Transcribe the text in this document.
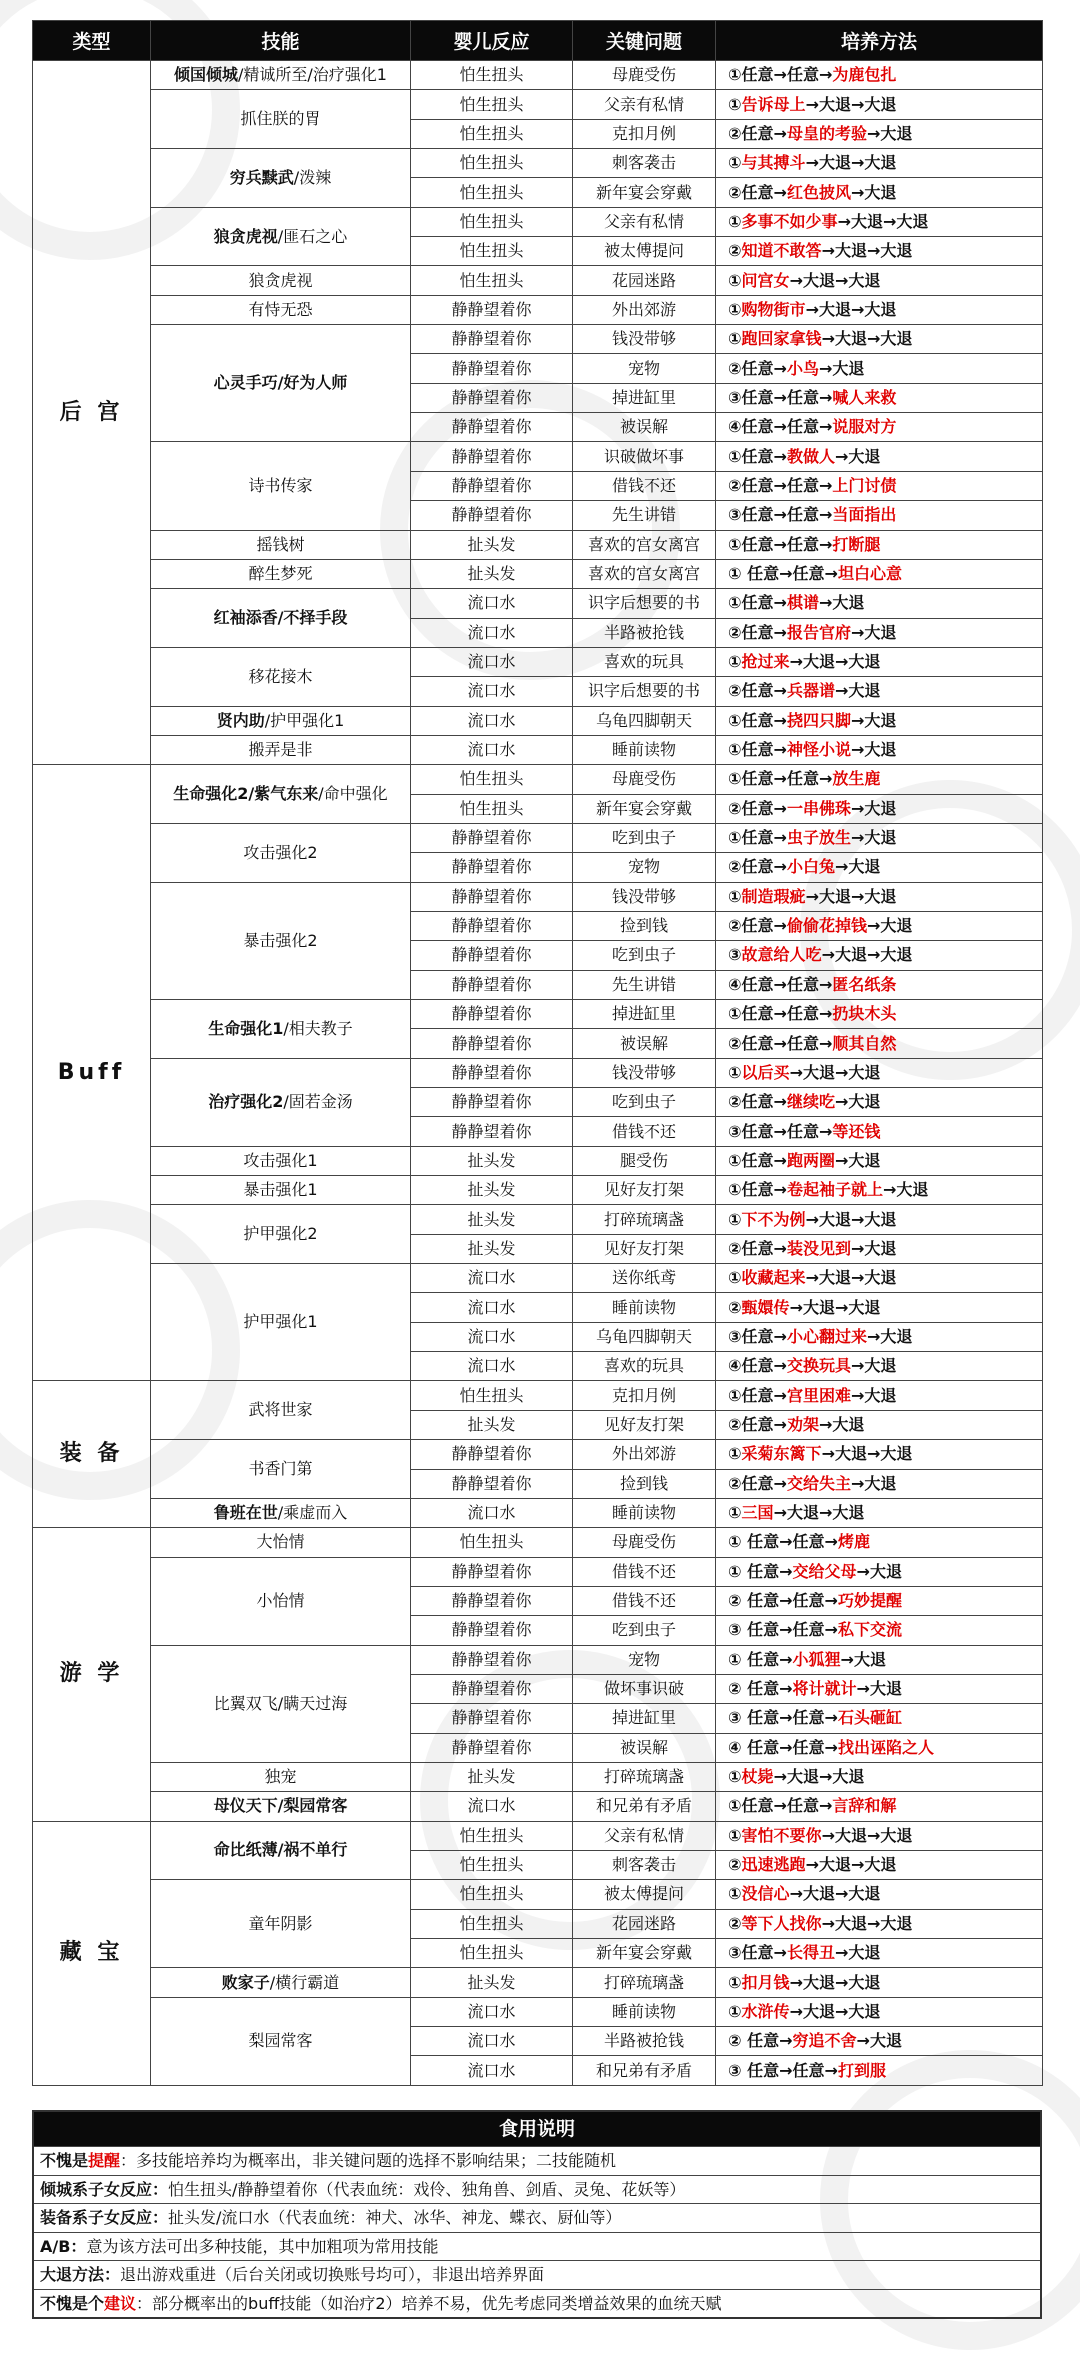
类型	技能	婴儿反应	关键问题	培养方法
后 宫	倾国倾城/精诚所至/治疗强化1	怕生扭头	母鹿受伤	①任意→任意→为鹿包扎
	抓住朕的胃	怕生扭头	父亲有私情	①告诉母上→大退→大退
		怕生扭头	克扣月例	②任意→母皇的考验→大退
	穷兵黩武/泼辣	怕生扭头	刺客袭击	①与其搏斗→大退→大退
		怕生扭头	新年宴会穿戴	②任意→红色披风→大退
	狼贪虎视/匪石之心	怕生扭头	父亲有私情	①多事不如少事→大退→大退
		怕生扭头	被太傅提问	②知道不敢答→大退→大退
	狼贪虎视	怕生扭头	花园迷路	①问宫女→大退→大退
	有恃无恐	静静望着你	外出郊游	①购物街市→大退→大退
	心灵手巧/好为人师	静静望着你	钱没带够	①跑回家拿钱→大退→大退
		静静望着你	宠物	②任意→小鸟→大退
		静静望着你	掉进缸里	③任意→任意→喊人来救
		静静望着你	被误解	④任意→任意→说服对方
	诗书传家	静静望着你	识破做坏事	①任意→教做人→大退
		静静望着你	借钱不还	②任意→任意→上门讨债
		静静望着你	先生讲错	③任意→任意→当面指出
	摇钱树	扯头发	喜欢的宫女离宫	①任意→任意→打断腿
	醉生梦死	扯头发	喜欢的宫女离宫	① 任意→任意→坦白心意
	红袖添香/不择手段	流口水	识字后想要的书	①任意→棋谱→大退
		流口水	半路被抢钱	②任意→报告官府→大退
	移花接木	流口水	喜欢的玩具	①抢过来→大退→大退
		流口水	识字后想要的书	②任意→兵器谱→大退
	贤内助/护甲强化1	流口水	乌龟四脚朝天	①任意→挠四只脚→大退
	搬弄是非	流口水	睡前读物	①任意→神怪小说→大退
Buff	生命强化2/紫气东来/命中强化	怕生扭头	母鹿受伤	①任意→任意→放生鹿
		怕生扭头	新年宴会穿戴	②任意→一串佛珠→大退
	攻击强化2	静静望着你	吃到虫子	①任意→虫子放生→大退
		静静望着你	宠物	②任意→小白兔→大退
	暴击强化2	静静望着你	钱没带够	①制造瑕疵→大退→大退
		静静望着你	捡到钱	②任意→偷偷花掉钱→大退
		静静望着你	吃到虫子	③故意给人吃→大退→大退
		静静望着你	先生讲错	④任意→任意→匿名纸条
	生命强化1/相夫教子	静静望着你	掉进缸里	①任意→任意→扔块木头
		静静望着你	被误解	②任意→任意→顺其自然
	治疗强化2/固若金汤	静静望着你	钱没带够	①以后买→大退→大退
		静静望着你	吃到虫子	②任意→继续吃→大退
		静静望着你	借钱不还	③任意→任意→等还钱
	攻击强化1	扯头发	腿受伤	①任意→跑两圈→大退
	暴击强化1	扯头发	见好友打架	①任意→卷起袖子就上→大退
	护甲强化2	扯头发	打碎琉璃盏	①下不为例→大退→大退
		扯头发	见好友打架	②任意→装没见到→大退
	护甲强化1	流口水	送你纸鸢	①收藏起来→大退→大退
		流口水	睡前读物	②甄嬛传→大退→大退
		流口水	乌龟四脚朝天	③任意→小心翻过来→大退
		流口水	喜欢的玩具	④任意→交换玩具→大退
装 备	武将世家	怕生扭头	克扣月例	①任意→宫里困难→大退
		扯头发	见好友打架	②任意→劝架→大退
	书香门第	静静望着你	外出郊游	①采菊东篱下→大退→大退
		静静望着你	捡到钱	②任意→交给失主→大退
	鲁班在世/乘虚而入	流口水	睡前读物	①三国→大退→大退
游 学	大怡情	怕生扭头	母鹿受伤	① 任意→任意→烤鹿
	小怡情	静静望着你	借钱不还	① 任意→交给父母→大退
		静静望着你	借钱不还	② 任意→任意→巧妙提醒
		静静望着你	吃到虫子	③ 任意→任意→私下交流
	比翼双飞/瞒天过海	静静望着你	宠物	① 任意→小狐狸→大退
		静静望着你	做坏事识破	② 任意→将计就计→大退
		静静望着你	掉进缸里	③ 任意→任意→石头砸缸
		静静望着你	被误解	④ 任意→任意→找出诬陷之人
	独宠	扯头发	打碎琉璃盏	①杖毙→大退→大退
	母仪天下/梨园常客	流口水	和兄弟有矛盾	①任意→任意→言辞和解
藏 宝	命比纸薄/祸不单行	怕生扭头	父亲有私情	①害怕不要你→大退→大退
		怕生扭头	刺客袭击	②迅速逃跑→大退→大退
	童年阴影	怕生扭头	被太傅提问	①没信心→大退→大退
		怕生扭头	花园迷路	②等下人找你→大退→大退
		怕生扭头	新年宴会穿戴	③任意→长得丑→大退
	败家子/横行霸道	扯头发	打碎琉璃盏	①扣月钱→大退→大退
	梨园常客	流口水	睡前读物	①水浒传→大退→大退
		流口水	半路被抢钱	② 任意→穷追不舍→大退
		流口水	和兄弟有矛盾	③ 任意→任意→打到服
食用说明
不愧是提醒：多技能培养均为概率出，非关键问题的选择不影响结果；二技能随机
倾城系子女反应：怕生扭头/静静望着你（代表血统：戏伶、独角兽、剑盾、灵兔、花妖等）
装备系子女反应：扯头发/流口水（代表血统：神犬、冰华、神龙、蝶衣、厨仙等）
A/B：意为该方法可出多种技能，其中加粗项为常用技能
大退方法：退出游戏重进（后台关闭或切换账号均可），非退出培养界面
不愧是个建议：部分概率出的buff技能（如治疗2）培养不易，优先考虑同类增益效果的血统天赋
